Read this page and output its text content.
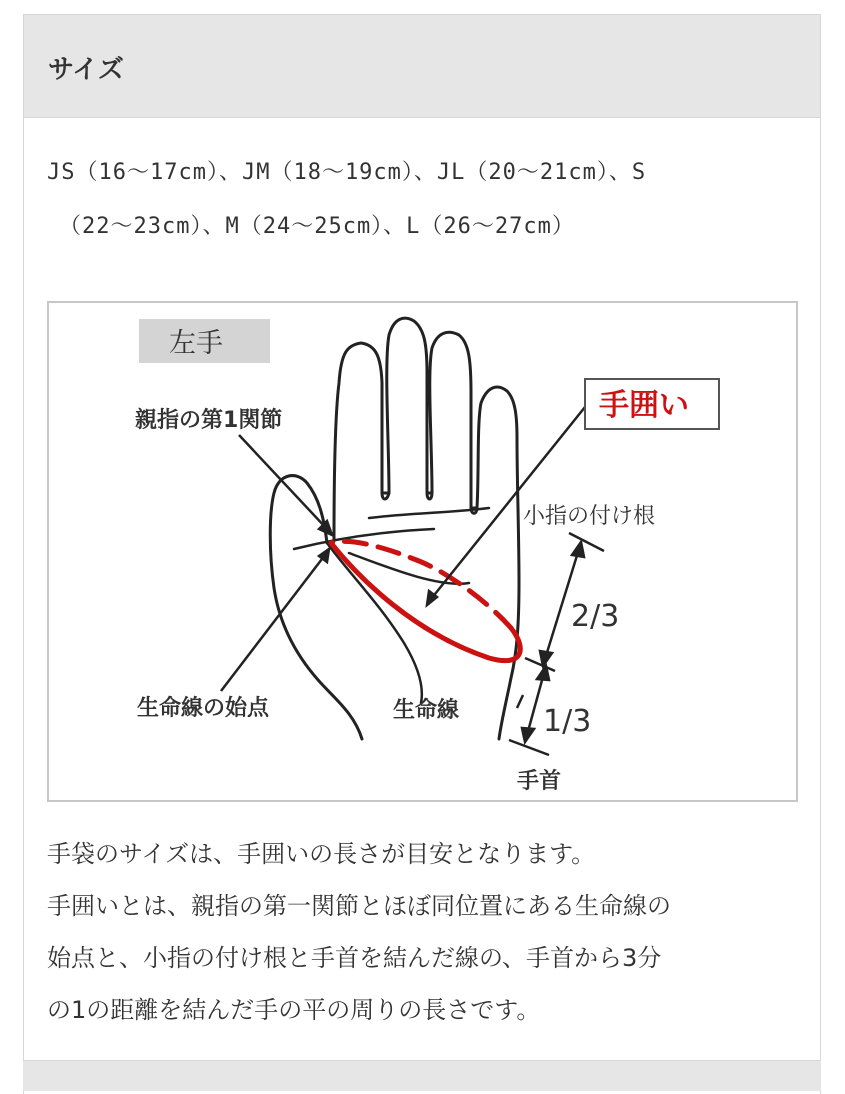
サイズ
JS（16〜17cm）、JM（18〜19cm）、JL（20〜21cm）、S
（22〜23cm）、M（24〜25cm）、L（26〜27cm）
左手
親指の第1関節	手囲い
小指の付け根
2/3
1/3
生命線の始点	生命線
手首

手袋のサイズは、手囲いの長さが目安となります。

手囲いとは、親指の第一関節とほぼ同位置にある生命線の

始点と、小指の付け根と手首を結んだ線の、手首から3分

の1の距離を結んだ手の平の周りの長さです。
